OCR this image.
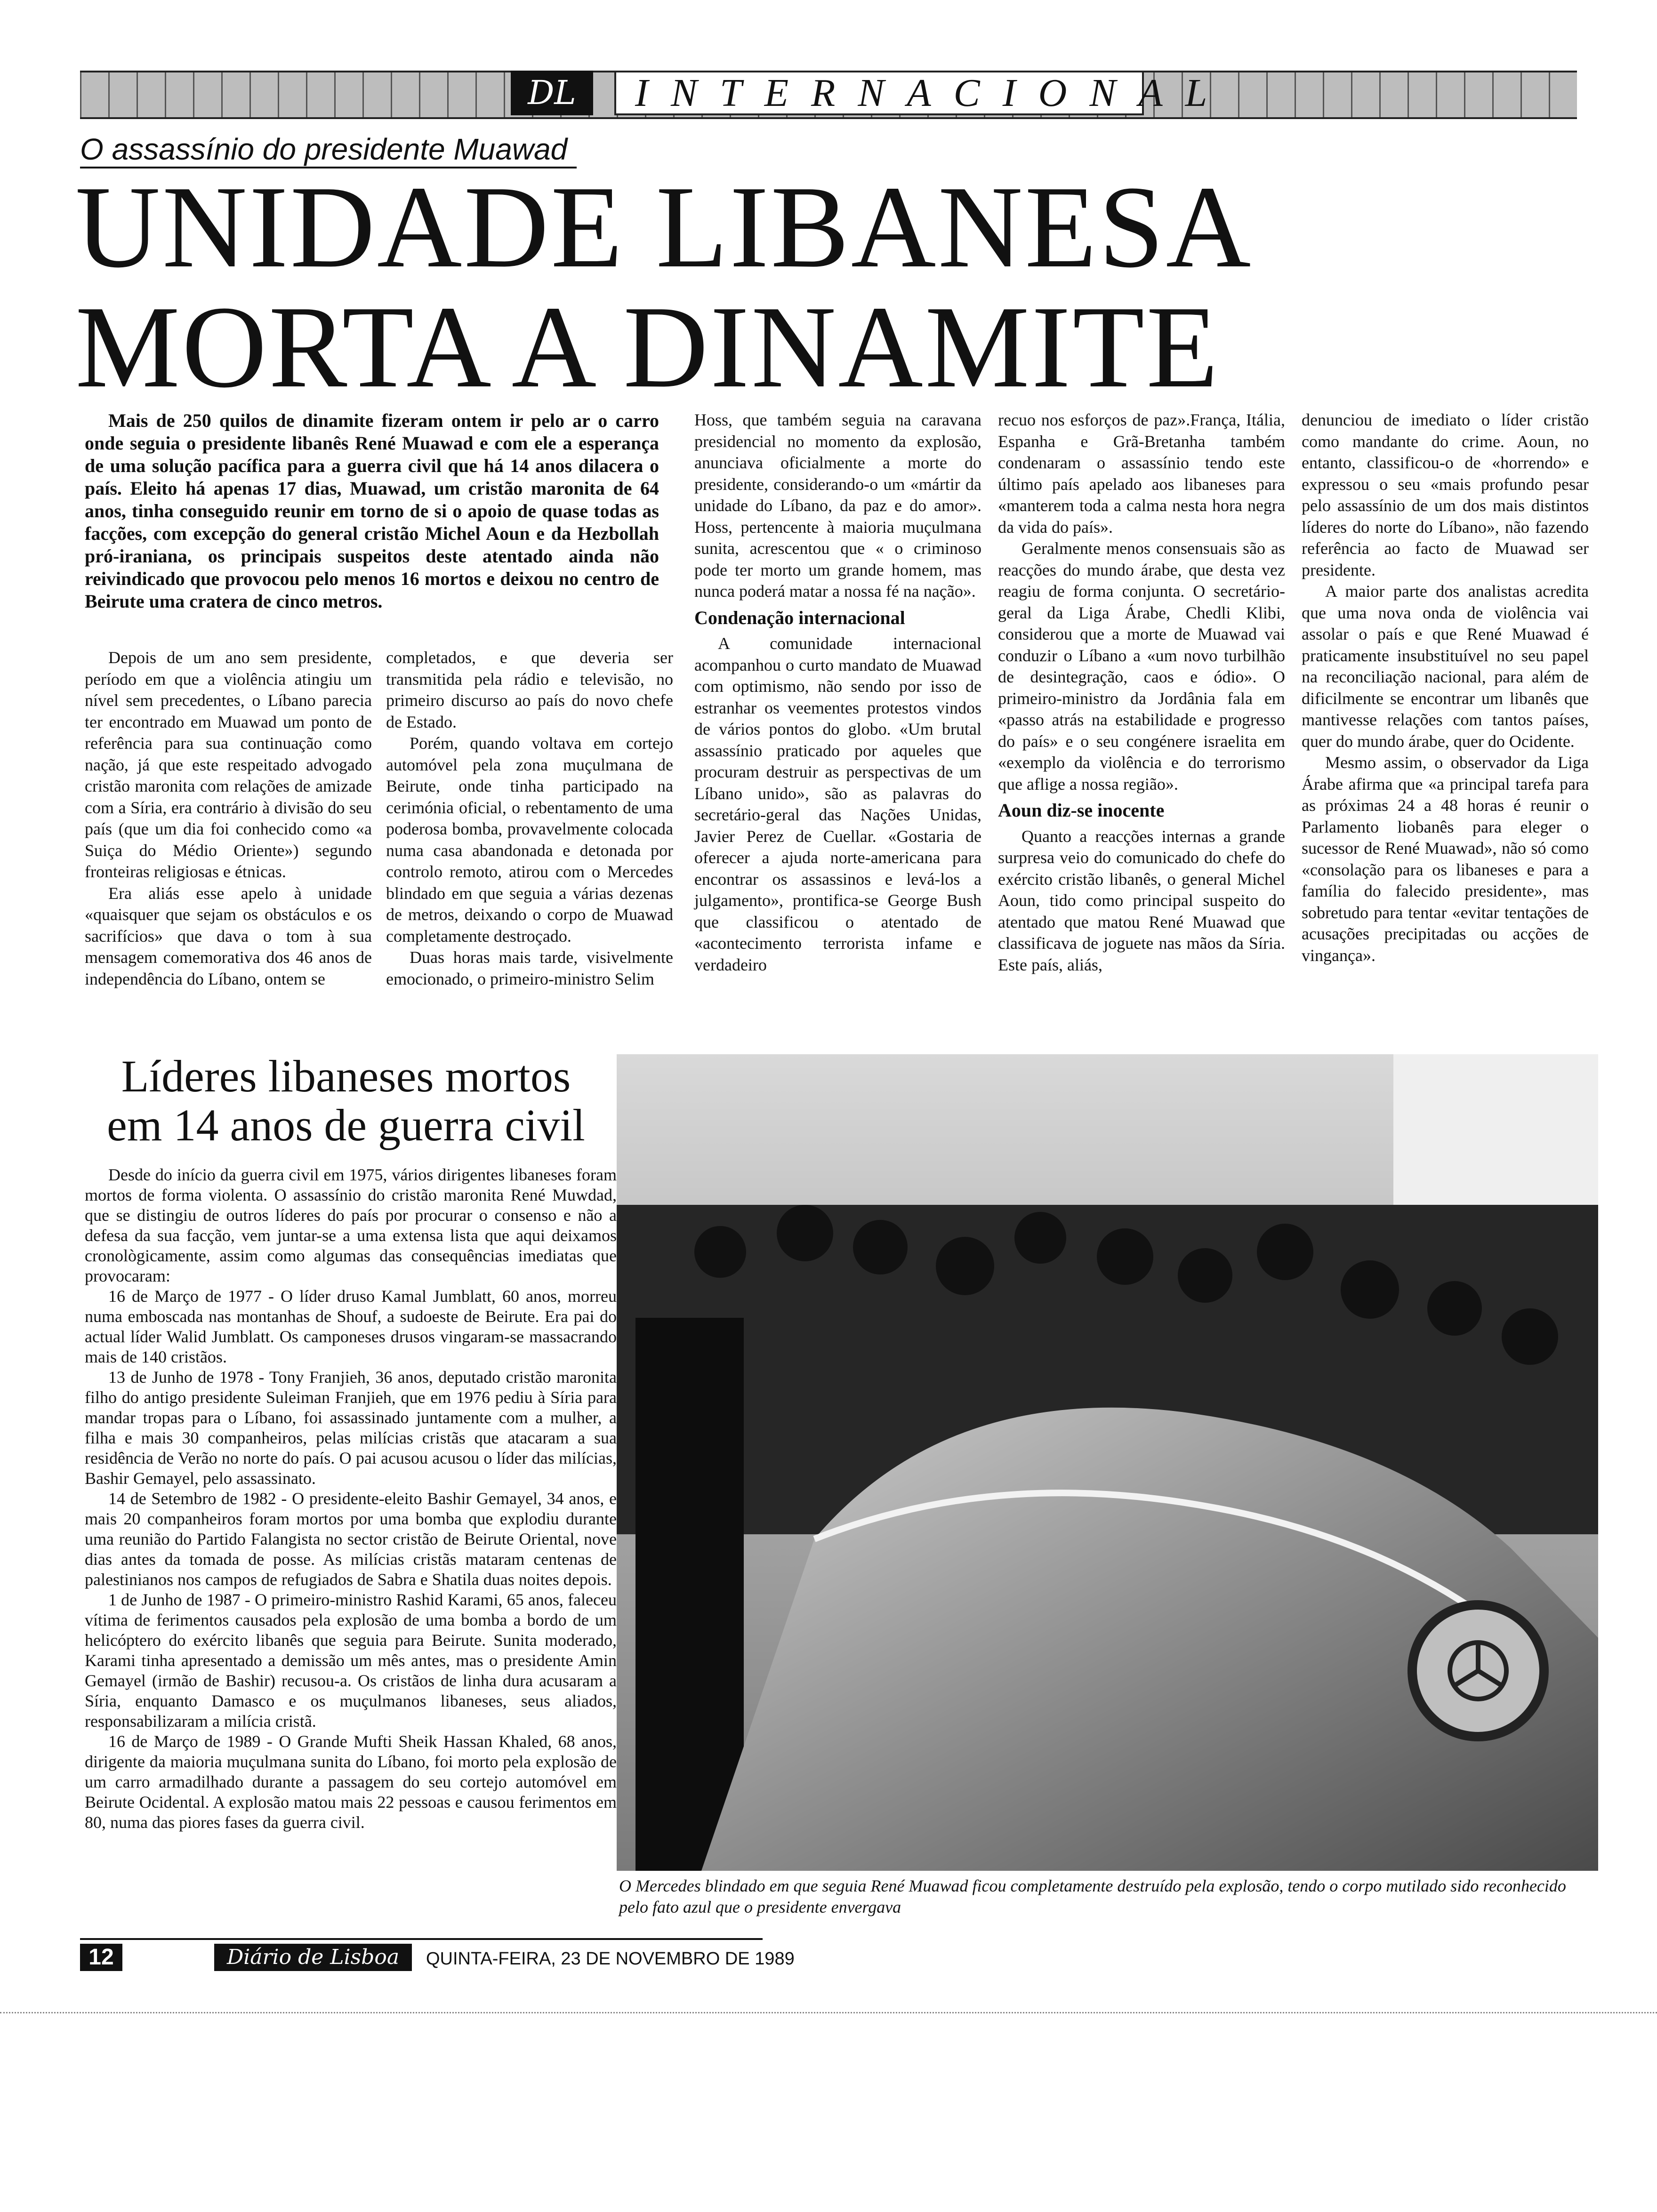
DL	INTERNACIONAL
O assassínio do presidente Muawad
UNIDADE LIBANESA
MORTA A DINAMITE
Mais de 250 quilos de dinamite fizeram ontem ir pelo ar o carro onde seguia o presidente libanês René Muawad e com ele a esperança de uma solução pacífica para a guerra civil que há 14 anos dilacera o país. Eleito há apenas 17 dias, Muawad, um cristão maronita de 64 anos, tinha conseguido reunir em torno de si o apoio de quase todas as facções, com excepção do general cristão Michel Aoun e da Hezbollah pró-iraniana, os principais suspeitos deste atentado ainda não reivindicado que provocou pelo menos 16 mortos e deixou no centro de Beirute uma cratera de cinco metros.

Depois de um ano sem presidente, período em que a violência atingiu um nível sem precedentes, o Líbano parecia ter encontrado em Muawad um ponto de referência para sua continuação como nação, já que este respeitado advogado cristão maronita com relações de amizade com a Síria, era contrário à divisão do seu país (que um dia foi conhecido como «a Suiça do Médio Oriente») segundo fronteiras religiosas e étnicas.

Era aliás esse apelo à unidade «quaisquer que sejam os obstáculos e os sacrifícios» que dava o tom à sua mensagem comemorativa dos 46 anos de independência do Líbano, ontem se

completados, e que deveria ser transmitida pela rádio e televisão, no primeiro discurso ao país do novo chefe de Estado.

Porém, quando voltava em cortejo automóvel pela zona muçulmana de Beirute, onde tinha participado na cerimónia oficial, o rebentamento de uma poderosa bomba, provavelmente colocada numa casa abandonada e detonada por controlo remoto, atirou com o Mercedes blindado em que seguia a várias dezenas de metros, deixando o corpo de Muawad completamente destroçado.

Duas horas mais tarde, visivelmente emocionado, o primeiro-ministro Selim

Hoss, que também seguia na caravana presidencial no momento da explosão, anunciava oficialmente a morte do presidente, considerando-o um «mártir da unidade do Líbano, da paz e do amor». Hoss, pertencente à maioria muçulmana sunita, acrescentou que « o criminoso pode ter morto um grande homem, mas nunca poderá matar a nossa fé na nação».

Condenação internacional

A comunidade internacional acompanhou o curto mandato de Muawad com optimismo, não sendo por isso de estranhar os veementes protestos vindos de vários pontos do globo. «Um brutal assassínio praticado por aqueles que procuram destruir as perspectivas de um Líbano unido», são as palavras do secretário-geral das Nações Unidas, Javier Perez de Cuellar. «Gostaria de oferecer a ajuda norte-americana para encontrar os assassinos e levá-los a julgamento», prontifica-se George Bush que classificou o atentado de «acontecimento terrorista infame e verdadeiro

recuo nos esforços de paz».França, Itália, Espanha e Grã-Bretanha também condenaram o assassínio tendo este último país apelado aos libaneses para «manterem toda a calma nesta hora negra da vida do país».

Geralmente menos consensuais são as reacções do mundo árabe, que desta vez reagiu de forma conjunta. O secretário-geral da Liga Árabe, Chedli Klibi, considerou que a morte de Muawad vai conduzir o Líbano a «um novo turbilhão de desintegração, caos e ódio». O primeiro-ministro da Jordânia fala em «passo atrás na estabilidade e progresso do país» e o seu congénere israelita em «exemplo da violência e do terrorismo que aflige a nossa região».

Aoun diz-se inocente

Quanto a reacções internas a grande surpresa veio do comunicado do chefe do exército cristão libanês, o general Michel Aoun, tido como principal suspeito do atentado que matou René Muawad que classificava de joguete nas mãos da Síria. Este país, aliás,

denunciou de imediato o líder cristão como mandante do crime. Aoun, no entanto, classificou-o de «horrendo» e expressou o seu «mais profundo pesar pelo assassínio de um dos mais distintos líderes do norte do Líbano», não fazendo referência ao facto de Muawad ser presidente.

A maior parte dos analistas acredita que uma nova onda de violência vai assolar o país e que René Muawad é praticamente insubstituível no seu papel na reconciliação nacional, para além de dificilmente se encontrar um libanês que mantivesse relações com tantos países, quer do mundo árabe, quer do Ocidente.

Mesmo assim, o observador da Liga Árabe afirma que «a principal tarefa para as próximas 24 a 48 horas é reunir o Parlamento liobanês para eleger o sucessor de René Muawad», não só como «consolação para os libaneses e para a família do falecido presidente», mas sobretudo para tentar «evitar tentações de acusações precipitadas ou acções de vingança».

Líderes libaneses mortos
em 14 anos de guerra civil

Desde do início da guerra civil em 1975, vários dirigentes libaneses foram mortos de forma violenta. O assassínio do cristão maronita René Muwdad, que se distingiu de outros líderes do país por procurar o consenso e não a defesa da sua facção, vem juntar-se a uma extensa lista que aqui deixamos cronològicamente, assim como algumas das consequências imediatas que provocaram:

16 de Março de 1977 - O líder druso Kamal Jumblatt, 60 anos, morreu numa emboscada nas montanhas de Shouf, a sudoeste de Beirute. Era pai do actual líder Walid Jumblatt. Os camponeses drusos vingaram-se massacrando mais de 140 cristãos.

13 de Junho de 1978 - Tony Franjieh, 36 anos, deputado cristão maronita filho do antigo presidente Suleiman Franjieh, que em 1976 pediu à Síria para mandar tropas para o Líbano, foi assassinado juntamente com a mulher, a filha e mais 30 companheiros, pelas milícias cristãs que atacaram a sua residência de Verão no norte do país. O pai acusou acusou o líder das milícias, Bashir Gemayel, pelo assassinato.

14 de Setembro de 1982 - O presidente-eleito Bashir Gemayel, 34 anos, e mais 20 companheiros foram mortos por uma bomba que explodiu durante uma reunião do Partido Falangista no sector cristão de Beirute Oriental, nove dias antes da tomada de posse. As milícias cristãs mataram centenas de palestinianos nos campos de refugiados de Sabra e Shatila duas noites depois.

1 de Junho de 1987 - O primeiro-ministro Rashid Karami, 65 anos, faleceu vítima de ferimentos causados pela explosão de uma bomba a bordo de um helicóptero do exército libanês que seguia para Beirute. Sunita moderado, Karami tinha apresentado a demissão um mês antes, mas o presidente Amin Gemayel (irmão de Bashir) recusou-a. Os cristãos de linha dura acusaram a Síria, enquanto Damasco e os muçulmanos libaneses, seus aliados, responsabilizaram a milícia cristã.

16 de Março de 1989 - O Grande Mufti Sheik Hassan Khaled, 68 anos, dirigente da maioria muçulmana sunita do Líbano, foi morto pela explosão de um carro armadilhado durante a passagem do seu cortejo automóvel em Beirute Ocidental. A explosão matou mais 22 pessoas e causou ferimentos em 80, numa das piores fases da guerra civil.

O Mercedes blindado em que seguia René Muawad ficou completamente destruído pela explosão, tendo o corpo mutilado sido reconhecido pelo fato azul que o presidente envergava
12	Diário de Lisboa	QUINTA-FEIRA, 23 DE NOVEMBRO DE 1989
